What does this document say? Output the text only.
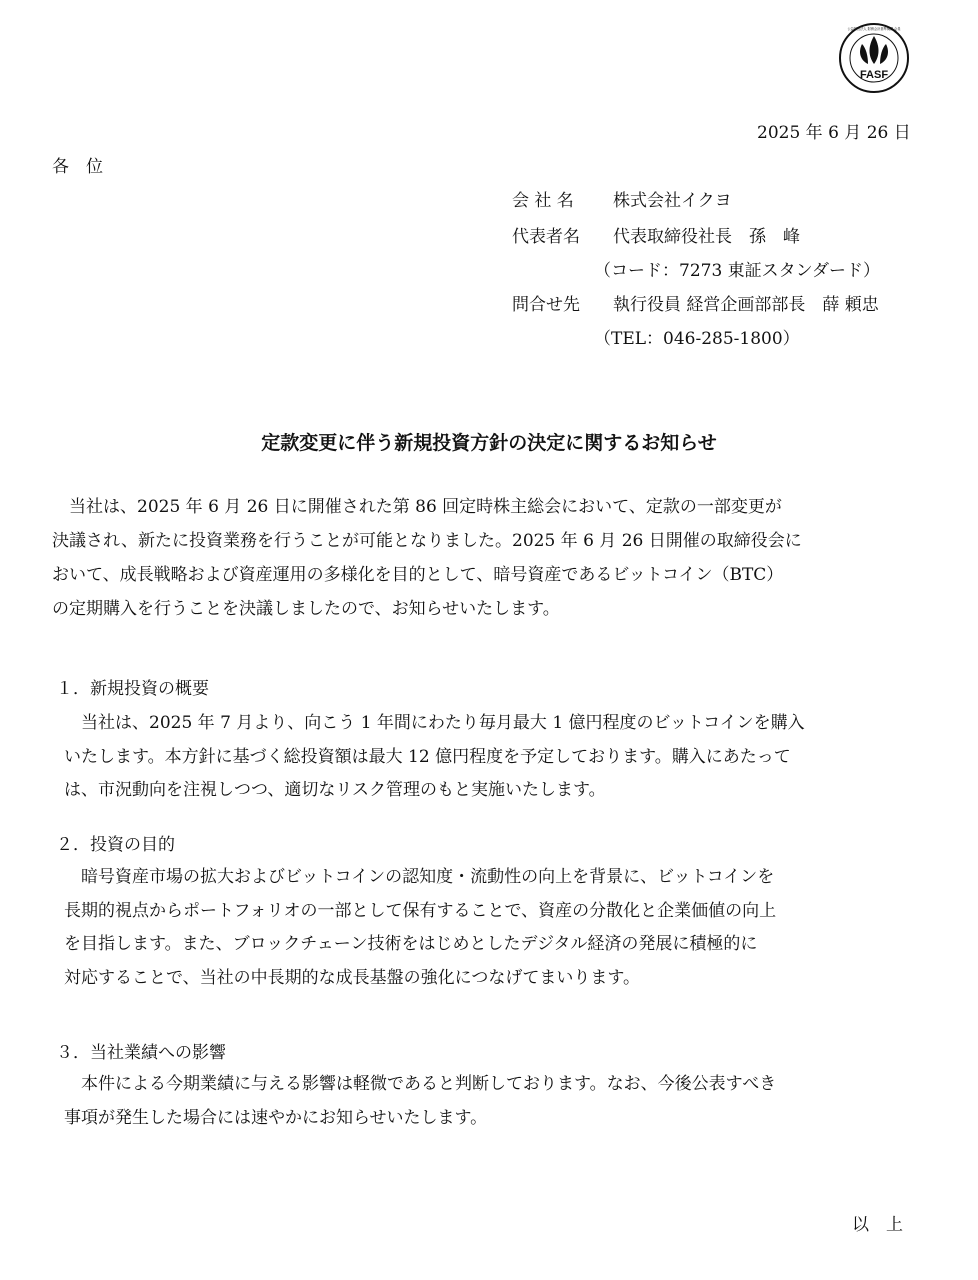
FASF
公益財団法人 財務会計基準機構 会員
2025 年 6 月 26 日
各　位
会 社 名 株式会社イクヨ
代表者名 代表取締役社長　孫　峰
（コード：7273 東証スタンダード）
問合せ先 執行役員 経営企画部部長　薛 頼忠
（TEL：046-285-1800）
定款変更に伴う新規投資方針の決定に関するお知らせ
　当社は、2025 年 6 月 26 日に開催された第 86 回定時株主総会において、定款の一部変更が
決議され、新たに投資業務を行うことが可能となりました。2025 年 6 月 26 日開催の取締役会に
おいて、成長戦略および資産運用の多様化を目的として、暗号資産であるビットコイン（BTC）
の定期購入を行うことを決議しましたので、お知らせいたします。
１．新規投資の概要
　当社は、2025 年 7 月より、向こう 1 年間にわたり毎月最大 1 億円程度のビットコインを購入
いたします。本方針に基づく総投資額は最大 12 億円程度を予定しております。購入にあたって
は、市況動向を注視しつつ、適切なリスク管理のもと実施いたします。
２．投資の目的
　暗号資産市場の拡大およびビットコインの認知度・流動性の向上を背景に、ビットコインを
長期的視点からポートフォリオの一部として保有することで、資産の分散化と企業価値の向上
を目指します。また、ブロックチェーン技術をはじめとしたデジタル経済の発展に積極的に
対応することで、当社の中長期的な成長基盤の強化につなげてまいります。
３．当社業績への影響
　本件による今期業績に与える影響は軽微であると判断しております。なお、今後公表すべき
事項が発生した場合には速やかにお知らせいたします。
以　上
